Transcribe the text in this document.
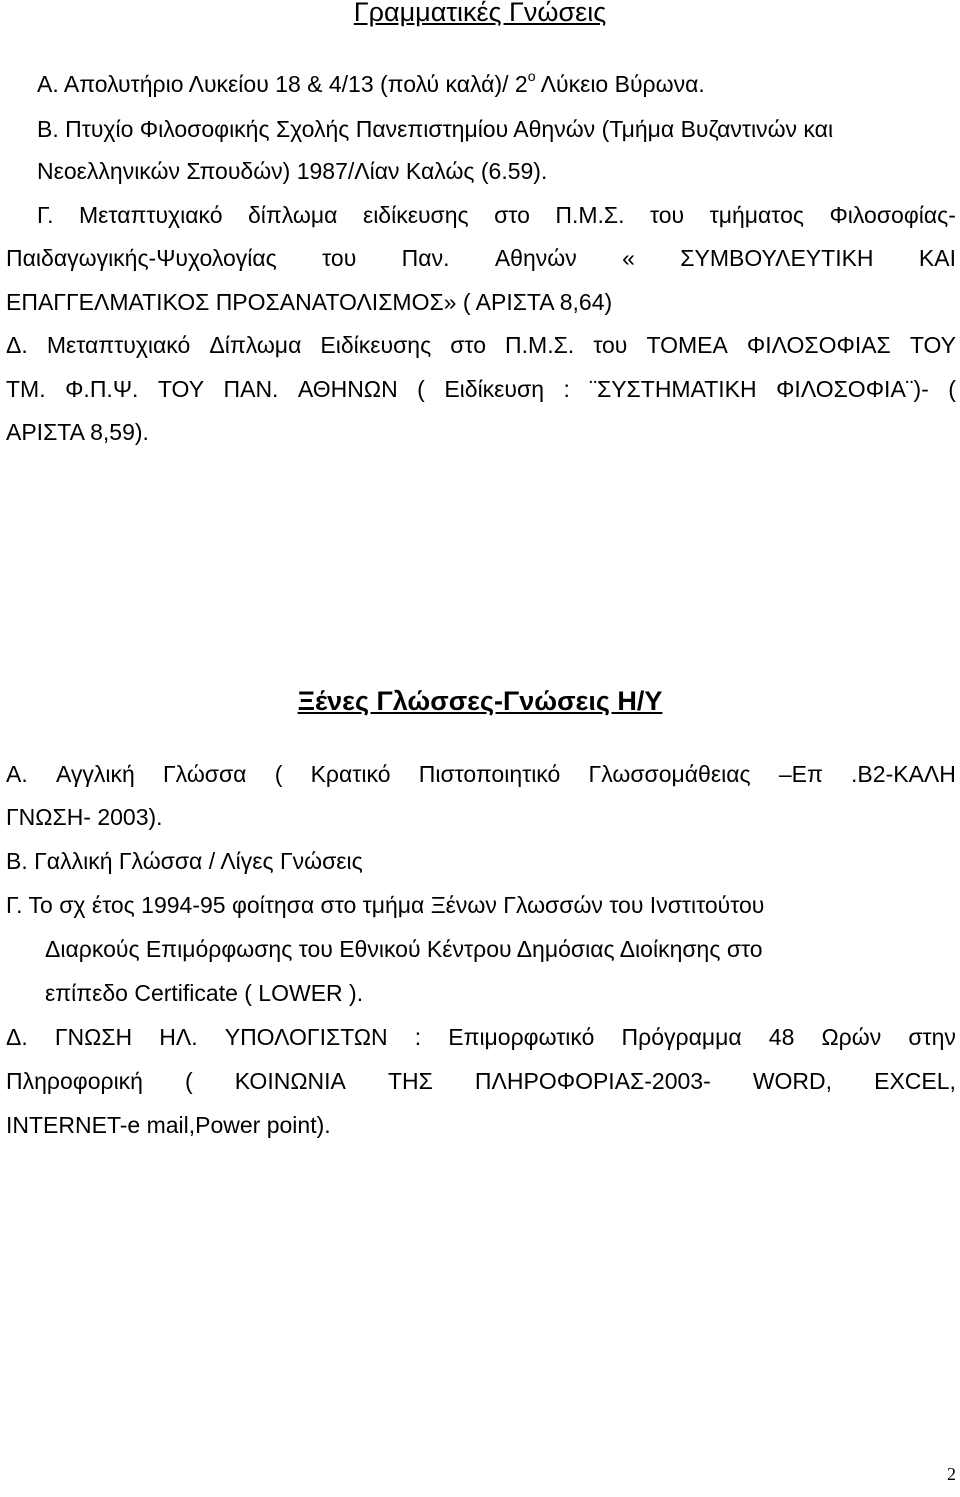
Γραμματικές Γνώσεις
Α. Απολυτήριο Λυκείου 18 & 4/13 (πολύ καλά)/ $2^o$ Λύκειο Βύρωνα.
Β. Πτυχίο Φιλοσοφικής Σχολής Πανεπιστημίου Αθηνών (Τμήμα Βυζαντινών και
Νεοελληνικών Σπουδών) 1987/Λίαν Καλώς (6.59).
Γ. Μεταπτυχιακό δίπλωμα ειδίκευσης στο Π.Μ.Σ. του τμήματος Φιλοσοφίας-
Παιδαγωγικής-Ψυχολογίας του Παν. Αθηνών « ΣΥΜΒΟΥΛΕΥΤΙΚΗ ΚΑΙ
ΕΠΑΓΓΕΛΜΑΤΙΚΟΣ ΠΡΟΣΑΝΑΤΟΛΙΣΜΟΣ» ( ΑΡΙΣΤΑ 8,64)
Δ. Μεταπτυχιακό Δίπλωμα Ειδίκευσης στο Π.Μ.Σ. του ΤΟΜΕΑ ΦΙΛΟΣΟΦΙΑΣ ΤΟΥ
ΤΜ. Φ.Π.Ψ. ΤΟΥ ΠΑΝ. ΑΘΗΝΩΝ ( Ειδίκευση : ¨ΣΥΣΤΗΜΑΤΙΚΗ ΦΙΛΟΣΟΦΙΑ¨)- (
ΑΡΙΣΤΑ 8,59).
Ξένες Γλώσσες-Γνώσεις Η/Υ
Α. Αγγλική Γλώσσα ( Κρατικό Πιστοποιητικό Γλωσσομάθειας –Επ .Β2-ΚΑΛΗ
ΓΝΩΣΗ- 2003).
Β. Γαλλική Γλώσσα / Λίγες Γνώσεις
Γ. Το σχ έτος 1994-95 φοίτησα στο τμήμα Ξένων Γλωσσών του Ινστιτούτου
Διαρκούς Επιμόρφωσης του Εθνικού Κέντρου Δημόσιας Διοίκησης στο
επίπεδο Certificate ( LOWER ).
Δ. ΓΝΩΣΗ ΗΛ. ΥΠΟΛΟΓΙΣΤΩΝ : Επιμορφωτικό Πρόγραμμα 48 Ωρών στην
Πληροφορική ( ΚΟΙΝΩΝΙΑ ΤΗΣ ΠΛΗΡΟΦΟΡΙΑΣ-2003- WORD, EXCEL,
INTERNET-e mail,Power point).
2
